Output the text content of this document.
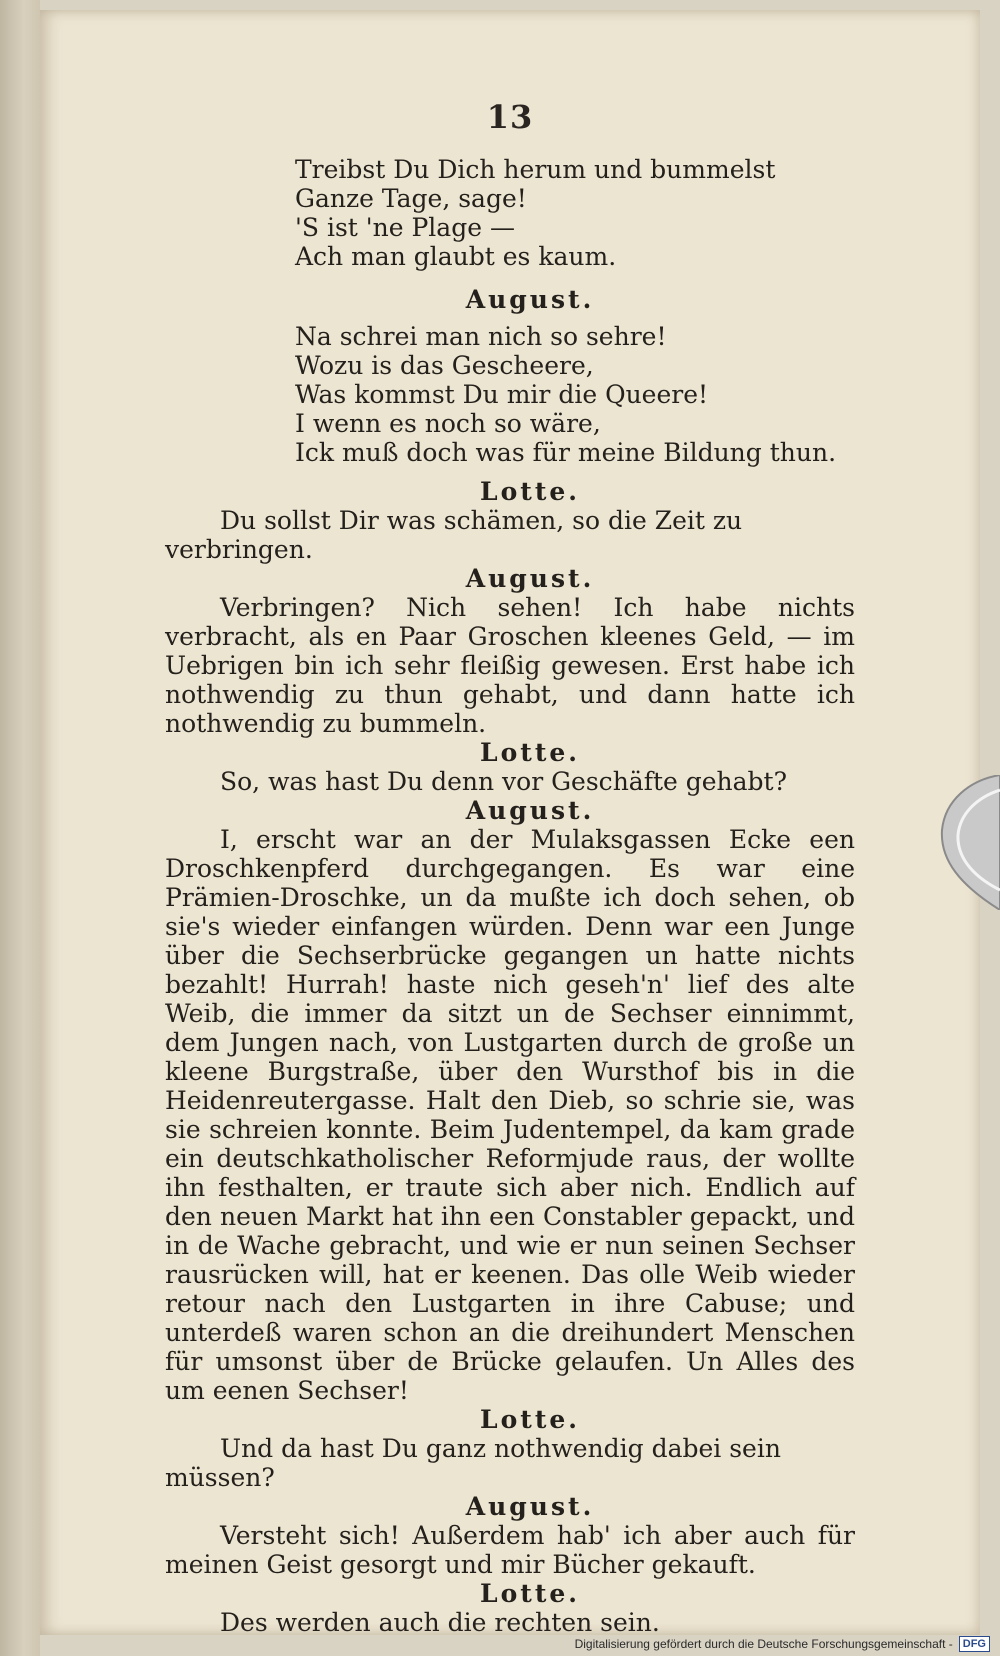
13
Treibst Du Dich herum und bummelst
Ganze Tage, sage!
'S ist 'ne Plage —
Ach man glaubt es kaum.
August.
Na schrei man nich so sehre!
Wozu is das Gescheere,
Was kommst Du mir die Queere!
I wenn es noch so wäre,
Ick muß doch was für meine Bildung thun.
Lotte.
Du sollst Dir was schämen, so die Zeit zu verbringen.
August.
Verbringen? Nich sehen! Ich habe nichts verbracht, als en Paar Groschen kleenes Geld, — im Uebrigen bin ich sehr fleißig gewesen. Erst habe ich nothwendig zu thun gehabt, und dann hatte ich nothwendig zu bummeln.
Lotte.
So, was hast Du denn vor Geschäfte gehabt?
August.
I, erscht war an der Mulaksgassen Ecke een Droschkenpferd durchgegangen. Es war eine Prämien-Droschke, un da mußte ich doch sehen, ob sie's wieder einfangen würden. Denn war een Junge über die Sechserbrücke gegangen un hatte nichts bezahlt! Hurrah! haste nich geseh'n' lief des alte Weib, die immer da sitzt un de Sechser einnimmt, dem Jungen nach, von Lustgarten durch de große un kleene Burgstraße, über den Wursthof bis in die Heidenreutergasse. Halt den Dieb, so schrie sie, was sie schreien konnte. Beim Judentempel, da kam grade ein deutschkatholischer Reformjude raus, der wollte ihn festhalten, er traute sich aber nich. Endlich auf den neuen Markt hat ihn een Constabler gepackt, und in de Wache gebracht, und wie er nun seinen Sechser rausrücken will, hat er keenen. Das olle Weib wieder retour nach den Lustgarten in ihre Cabuse; und unterdeß waren schon an die dreihundert Menschen für umsonst über de Brücke gelaufen. Un Alles des um eenen Sechser!
Lotte.
Und da hast Du ganz nothwendig dabei sein müssen?
August.
Versteht sich! Außerdem hab' ich aber auch für meinen Geist gesorgt und mir Bücher gekauft.
Lotte.
Des werden auch die rechten sein.
Digitalisierung gefördert durch die Deutsche Forschungsgemeinschaft - DFG
